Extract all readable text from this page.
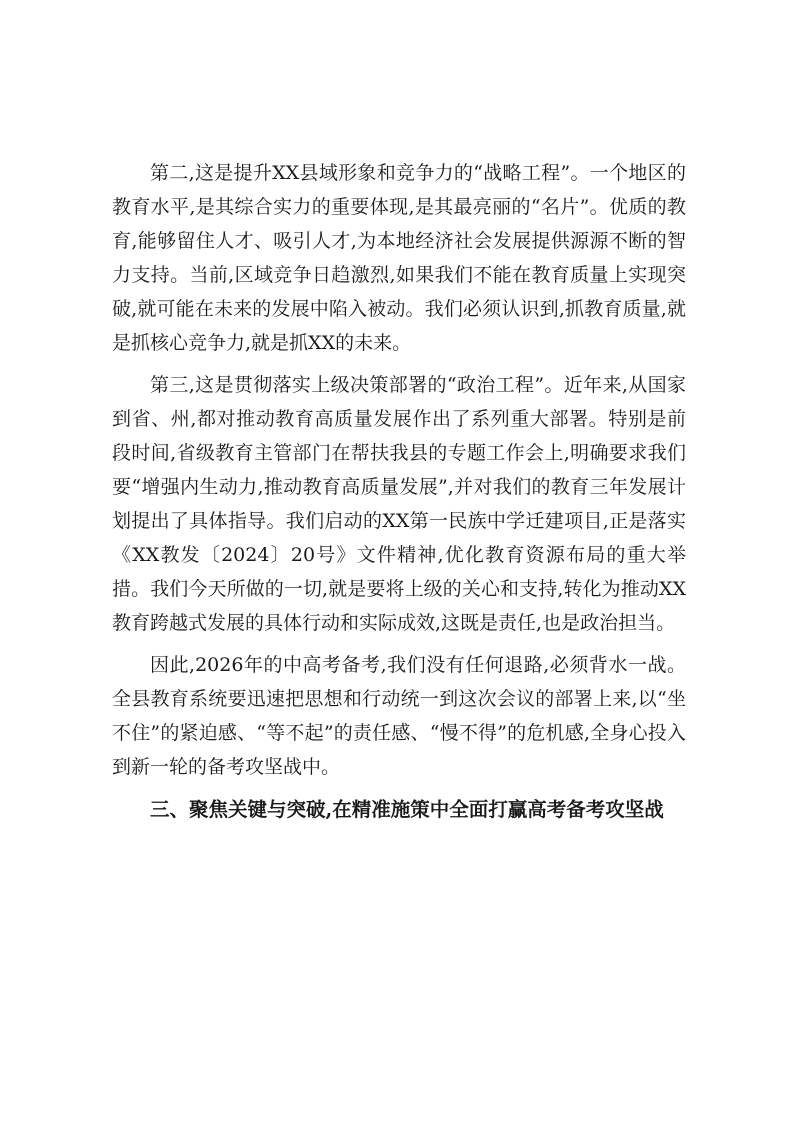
第二,这是提升XX县域形象和竞争力的“战略工程”。一个地区的教育水平,是其综合实力的重要体现,是其最亮丽的“名片”。优质的教育,能够留住人才、吸引人才,为本地经济社会发展提供源源不断的智力支持。当前,区域竞争日趋激烈,如果我们不能在教育质量上实现突破,就可能在未来的发展中陷入被动。我们必须认识到,抓教育质量,就是抓核心竞争力,就是抓XX的未来。

第三,这是贯彻落实上级决策部署的“政治工程”。近年来,从国家到省、州,都对推动教育高质量发展作出了系列重大部署。特别是前段时间,省级教育主管部门在帮扶我县的专题工作会上,明确要求我们要“增强内生动力,推动教育高质量发展”,并对我们的教育三年发展计划提出了具体指导。我们启动的XX第一民族中学迁建项目,正是落实《XX教发〔2024〕20号》文件精神,优化教育资源布局的重大举措。我们今天所做的一切,就是要将上级的关心和支持,转化为推动XX教育跨越式发展的具体行动和实际成效,这既是责任,也是政治担当。

因此,2026年的中高考备考,我们没有任何退路,必须背水一战。全县教育系统要迅速把思想和行动统一到这次会议的部署上来,以“坐不住”的紧迫感、“等不起”的责任感、“慢不得”的危机感,全身心投入到新一轮的备考攻坚战中。

三、聚焦关键与突破,在精准施策中全面打赢高考备考攻坚战
